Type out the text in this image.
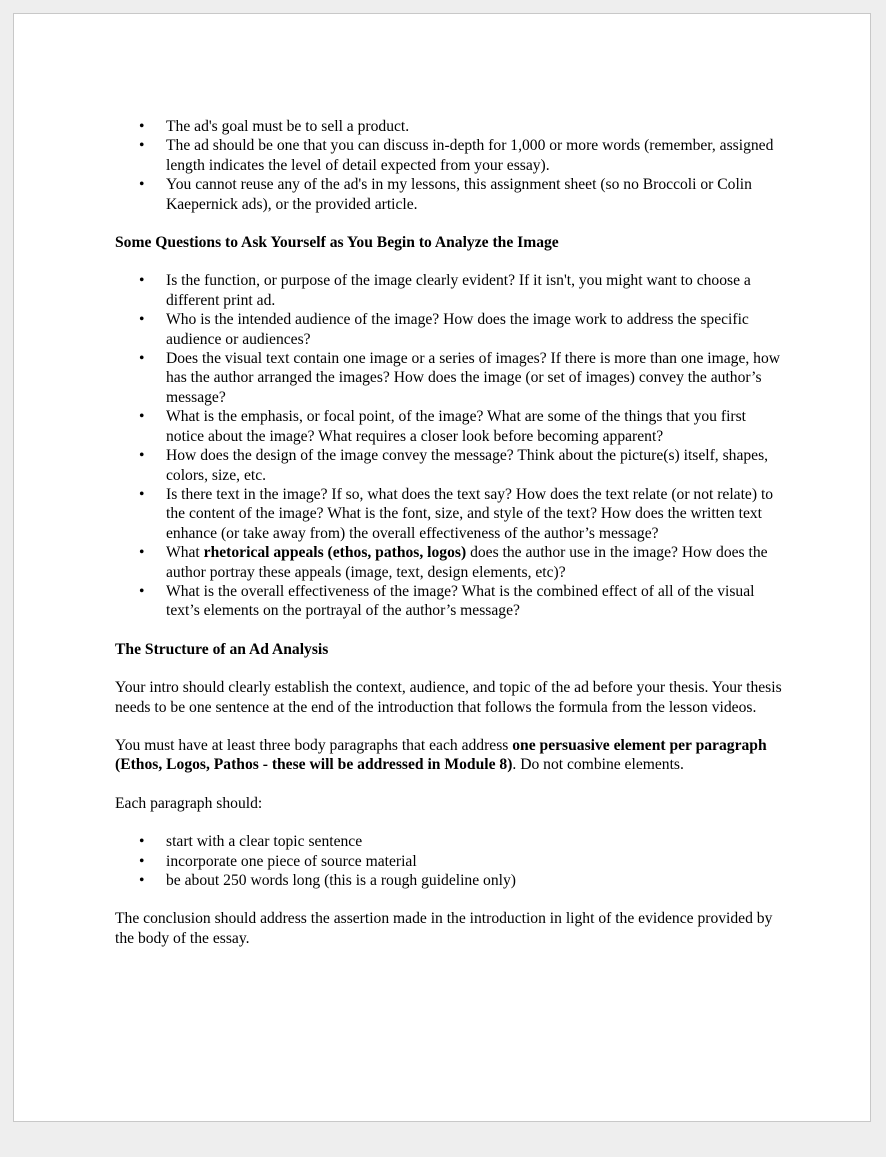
• The ad's goal must be to sell a product.
• The ad should be one that you can discuss in-depth for 1,000 or more words (remember, assigned length indicates the level of detail expected from your essay).
• You cannot reuse any of the ad's in my lessons, this assignment sheet (so no Broccoli or Colin Kaepernick ads), or the provided article.

Some Questions to Ask Yourself as You Begin to Analyze the Image

• Is the function, or purpose of the image clearly evident? If it isn't, you might want to choose a different print ad.
• Who is the intended audience of the image? How does the image work to address the specific audience or audiences?
• Does the visual text contain one image or a series of images? If there is more than one image, how has the author arranged the images? How does the image (or set of images) convey the author’s message?
• What is the emphasis, or focal point, of the image? What are some of the things that you first notice about the image? What requires a closer look before becoming apparent?
• How does the design of the image convey the message? Think about the picture(s) itself, shapes, colors, size, etc.
• Is there text in the image? If so, what does the text say? How does the text relate (or not relate) to the content of the image? What is the font, size, and style of the text? How does the written text enhance (or take away from) the overall effectiveness of the author’s message?
• What rhetorical appeals (ethos, pathos, logos) does the author use in the image? How does the author portray these appeals (image, text, design elements, etc)?
• What is the overall effectiveness of the image? What is the combined effect of all of the visual text’s elements on the portrayal of the author’s message?

The Structure of an Ad Analysis

Your intro should clearly establish the context, audience, and topic of the ad before your thesis. Your thesis needs to be one sentence at the end of the introduction that follows the formula from the lesson videos.

You must have at least three body paragraphs that each address one persuasive element per paragraph (Ethos, Logos, Pathos - these will be addressed in Module 8). Do not combine elements.

Each paragraph should:

• start with a clear topic sentence
• incorporate one piece of source material
• be about 250 words long (this is a rough guideline only)

The conclusion should address the assertion made in the introduction in light of the evidence provided by the body of the essay.
